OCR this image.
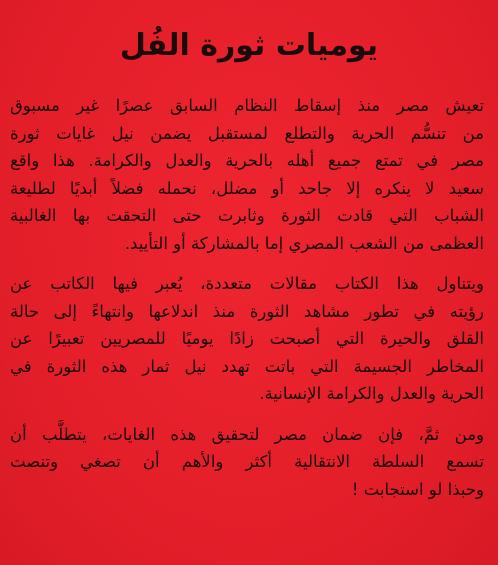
يوميات ثورة الفُل

تعيش مصر منذ إسقاط النظام السابق عصرًا غير مسبوق
من تنسُّم الحرية والتطلع لمستقبل يضمن نيل غايات ثورة
مصر في تمتع جميع أهله بالحرية والعدل والكرامة. هذا واقع
سعيد لا ينكره إلا جاحد أو مضلل، نحمله فضلاً أبديًا لطليعة
الشباب التي قادت الثورة وثابرت حتى التحقت بها الغالبية
العظمى من الشعب المصري إما بالمشاركة أو التأييد.

ويتناول هذا الكتاب مقالات متعددة، يُعبر فيها الكاتب عن
رؤيته في تطور مشاهد الثورة منذ اندلاعها وانتهاءً إلى حالة
القلق والحيرة التي أصبحت زادًا يوميًا للمصريين تعبيرًا عن
المخاطر الجسيمة التي باتت تهدد نيل ثمار هذه الثورة في
الحرية والعدل والكرامة الإنسانية.

ومن ثمَّ، فإن ضمان مصر لتحقيق هذه الغايات، يتطلَّب أن
تسمع السلطة الانتقالية أكثر والأهم أن تصغي وتنصت
وحبذا لو استجابت !
